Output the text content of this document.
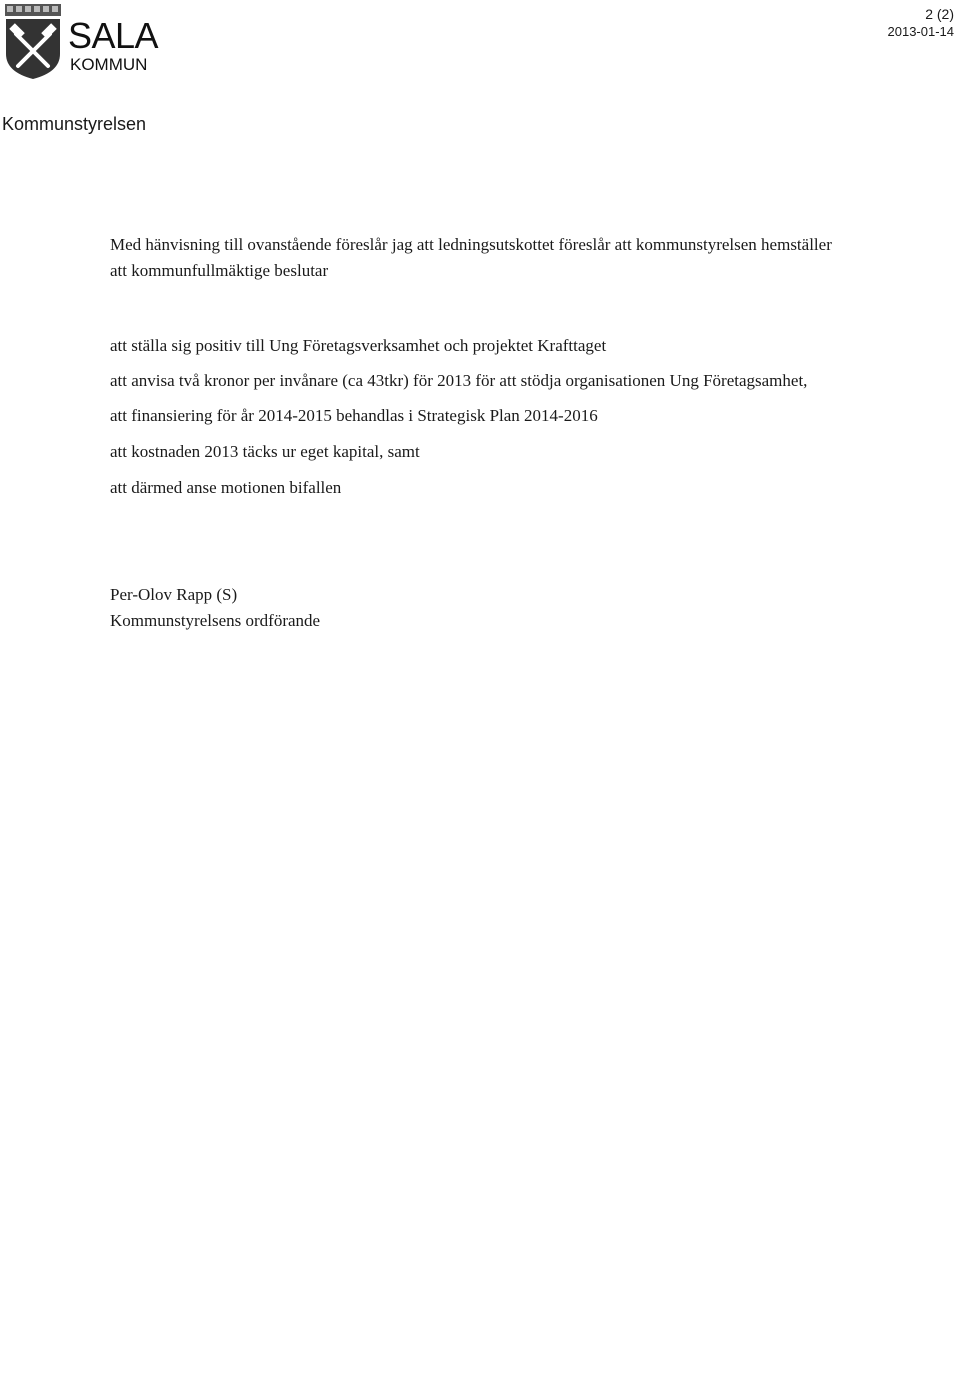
SALA
KOMMUN
2 (2)
2013-01-14
Kommunstyrelsen
Med hänvisning till ovanstående föreslår jag att ledningsutskottet föreslår att kommunstyrelsen hemställer att kommunfullmäktige beslutar
att ställa sig positiv till Ung Företagsverksamhet och projektet Krafttaget
att anvisa två kronor per invånare (ca 43tkr) för 2013 för att stödja organisationen Ung Företagsamhet,
att finansiering för år 2014-2015 behandlas i Strategisk Plan 2014-2016
att kostnaden 2013 täcks ur eget kapital, samt
att därmed anse motionen bifallen
Per-Olov Rapp (S)
Kommunstyrelsens ordförande
